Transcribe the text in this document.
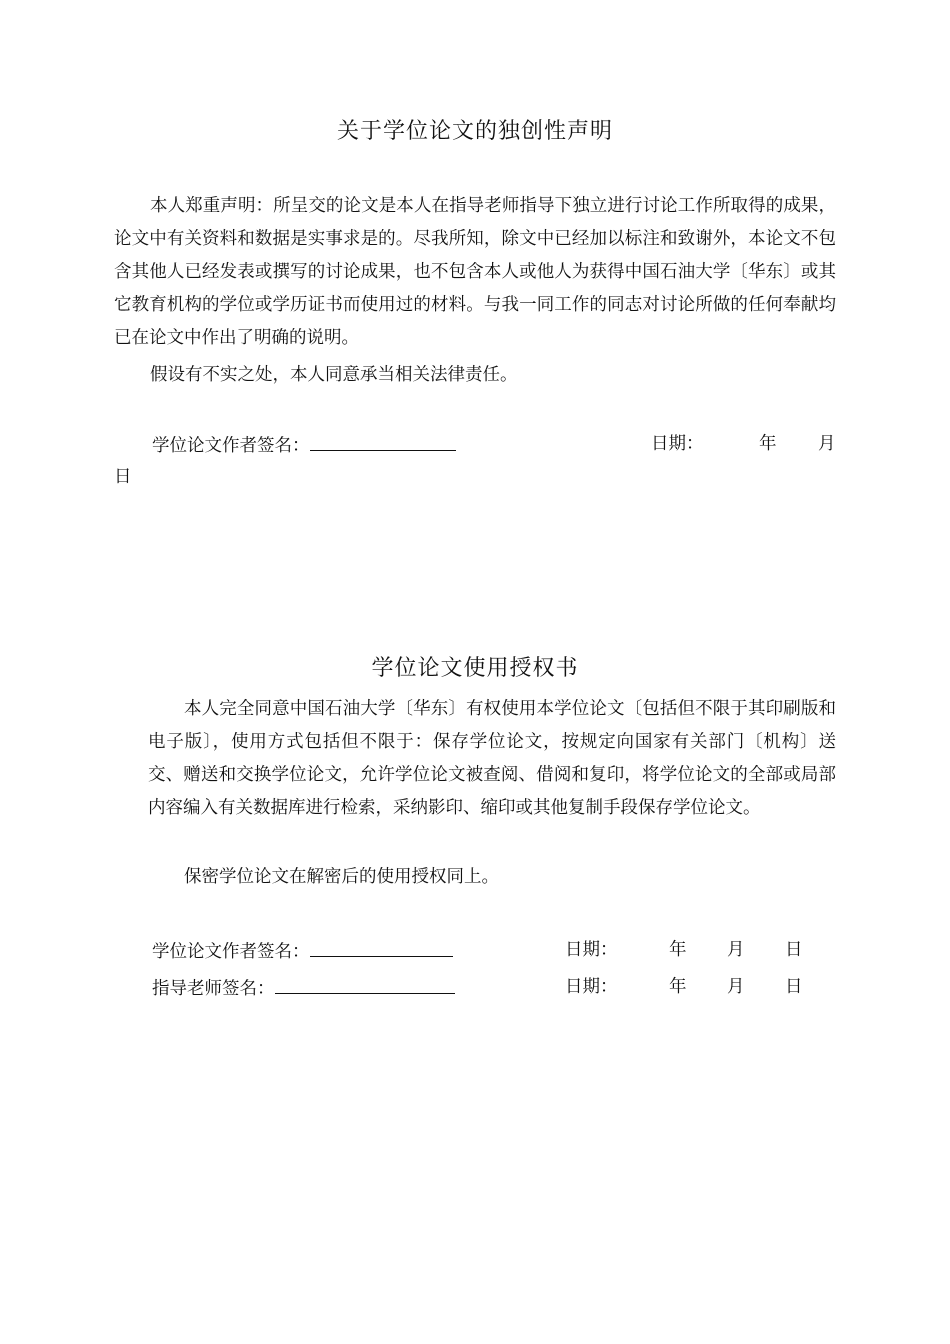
关于学位论文的独创性声明

本人郑重声明：所呈交的论文是本人在指导老师指导下独立进行讨论工作所取得的成果，论文中有关资料和数据是实事求是的。尽我所知，除文中已经加以标注和致谢外，本论文不包含其他人已经发表或撰写的讨论成果，也不包含本人或他人为获得中国石油大学〔华东〕或其它教育机构的学位或学历证书而使用过的材料。与我一同工作的同志对讨论所做的任何奉献均已在论文中作出了明确的说明。

假设有不实之处，本人同意承当相关法律责任。

学位论文作者签名：	日期：	年 月
日
学位论文使用授权书

本人完全同意中国石油大学〔华东〕有权使用本学位论文〔包括但不限于其印刷版和电子版〕，使用方式包括但不限于：保存学位论文，按规定向国家有关部门〔机构〕送交、赠送和交换学位论文，允许学位论文被查阅、借阅和复印，将学位论文的全部或局部内容编入有关数据库进行检索，采纳影印、缩印或其他复制手段保存学位论文。

保密学位论文在解密后的使用授权同上。

学位论文作者签名：	日期：	年 月 日
指导老师签名：	日期：	年 月 日
